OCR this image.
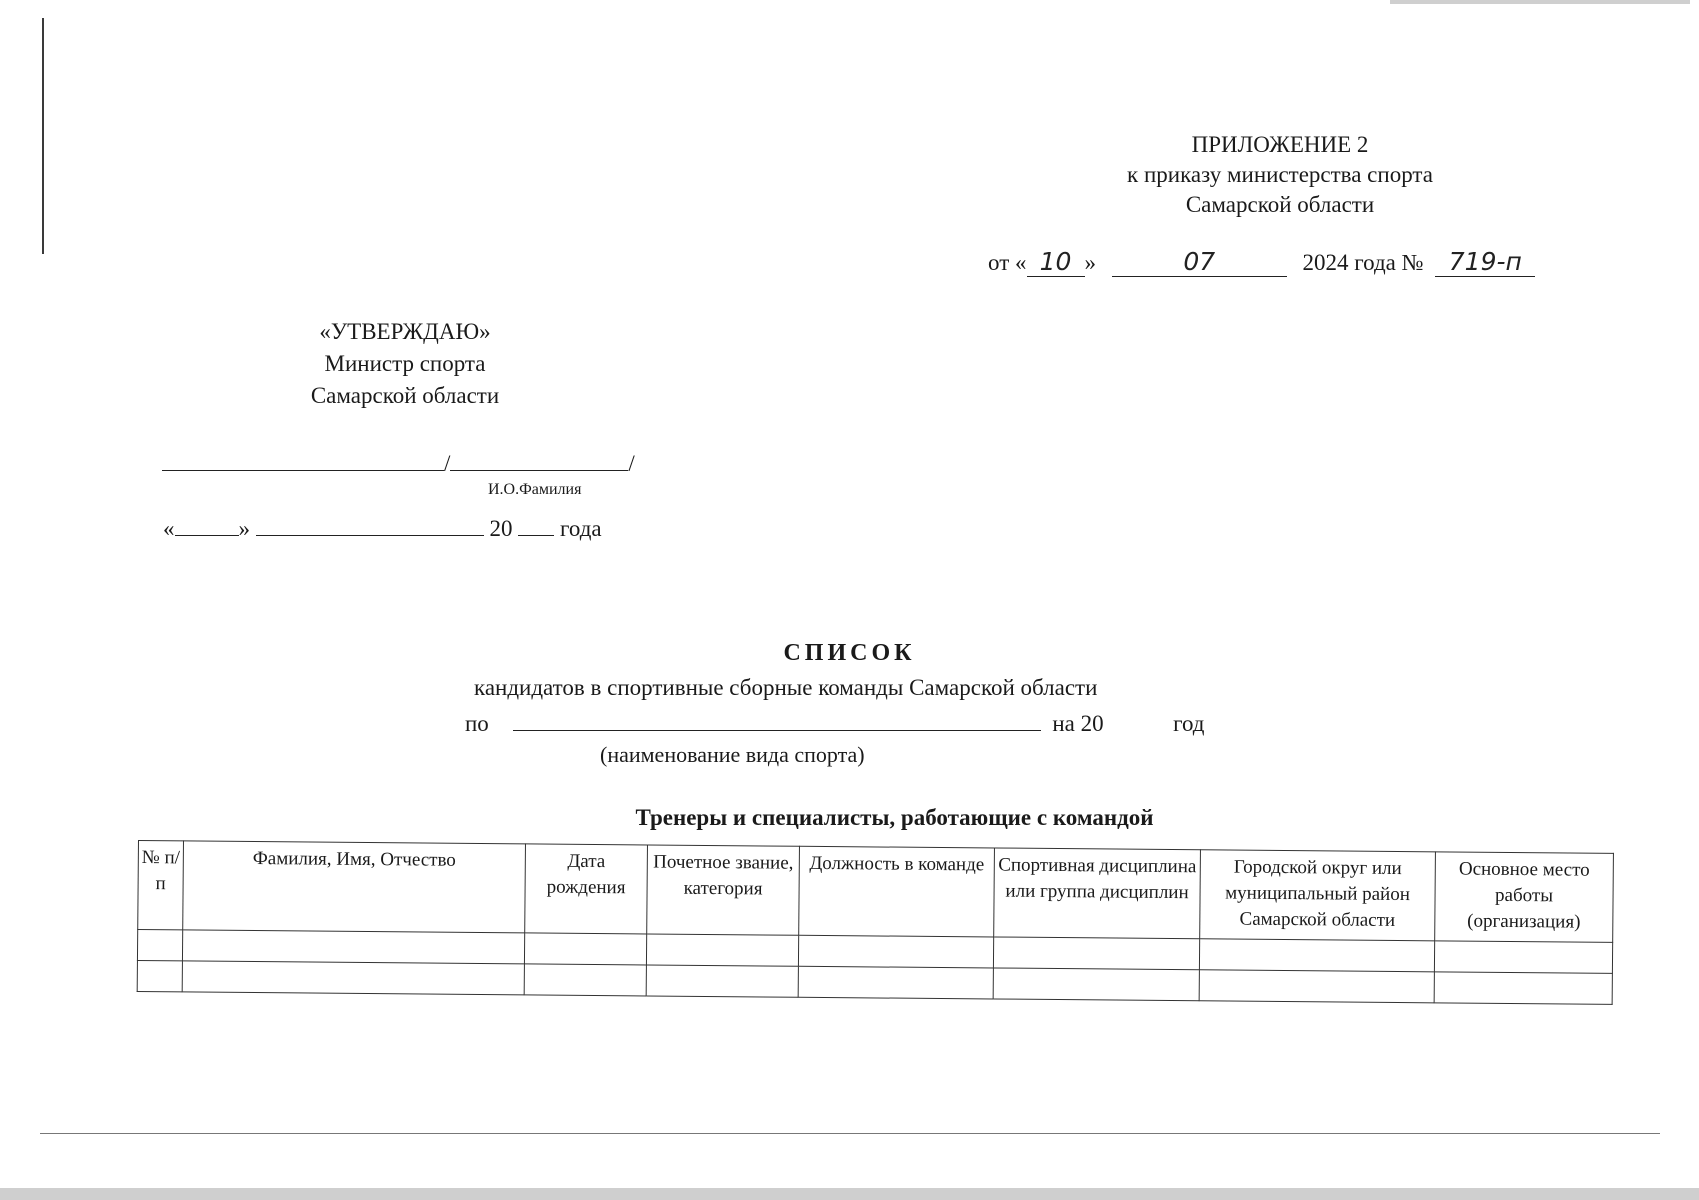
ПРИЛОЖЕНИЕ 2
к приказу министерства спорта
Самарской области
от « 10 »	07	2024 года № 719-п
«УТВЕРЖДАЮ»
Министр спорта
Самарской области
/	/
И.О.Фамилия
«	»	20 года
СПИСОК
кандидатов в спортивные сборные команды Самарской области
по	на 20	год
(наименование вида спорта)
Тренеры и специалисты, работающие с командой
№ п/п	Фамилия, Имя, Отчество	Дата рождения	Почетное звание, категория	Должность в команде	Спортивная дисциплина или группа дисциплин	Городской округ или муниципальный район Самарской области	Основное место работы (организация)
